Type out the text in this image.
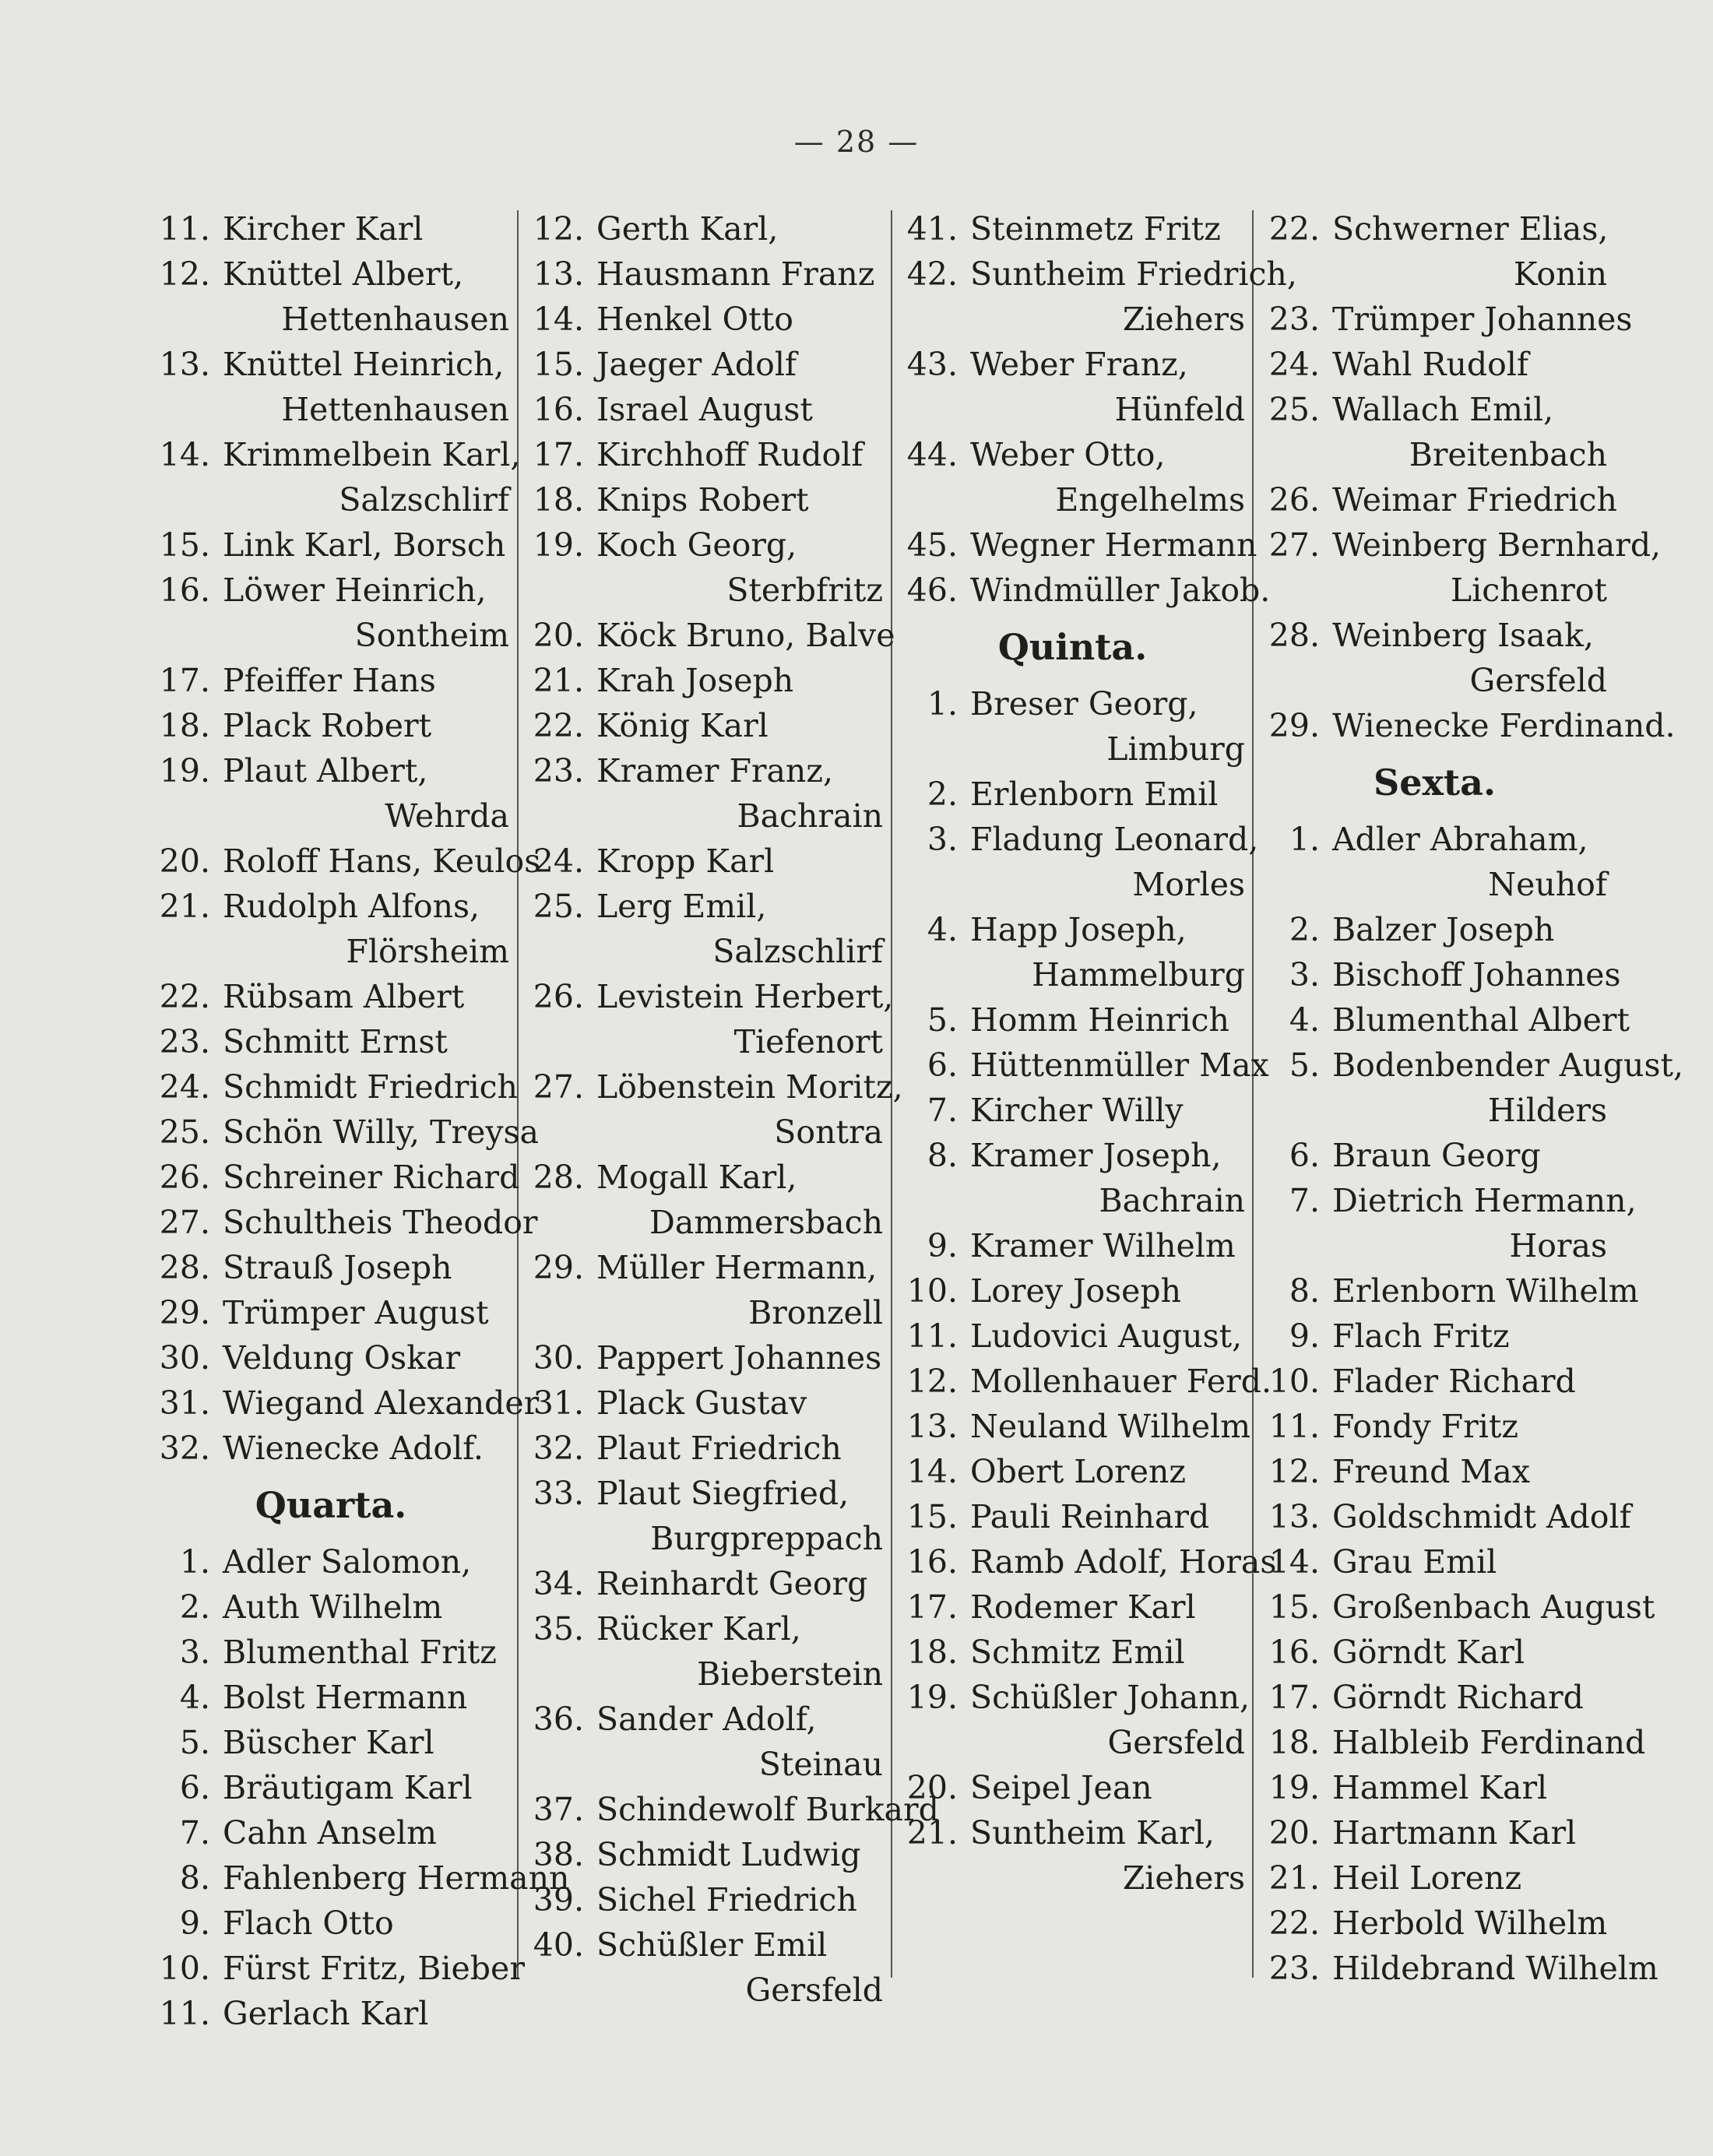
— 28 —
11. Kircher Karl
12. Knüttel Albert,
Hettenhausen
13. Knüttel Heinrich,
Hettenhausen
14. Krimmelbein Karl,
Salzschlirf
15. Link Karl, Borsch
16. Löwer Heinrich,
Sontheim
17. Pfeiffer Hans
18. Plack Robert
19. Plaut Albert,
Wehrda
20. Roloff Hans, Keulos
21. Rudolph Alfons,
Flörsheim
22. Rübsam Albert
23. Schmitt Ernst
24. Schmidt Friedrich
25. Schön Willy, Treysa
26. Schreiner Richard
27. Schultheis Theodor
28. Strauß Joseph
29. Trümper August
30. Veldung Oskar
31. Wiegand Alexander
32. Wienecke Adolf.
Quarta.
1. Adler Salomon,
2. Auth Wilhelm
3. Blumenthal Fritz
4. Bolst Hermann
5. Büscher Karl
6. Bräutigam Karl
7. Cahn Anselm
8. Fahlenberg Hermann
9. Flach Otto
10. Fürst Fritz, Bieber
11. Gerlach Karl
12. Gerth Karl,
13. Hausmann Franz
14. Henkel Otto
15. Jaeger Adolf
16. Israel August
17. Kirchhoff Rudolf
18. Knips Robert
19. Koch Georg,
Sterbfritz
20. Köck Bruno, Balve
21. Krah Joseph
22. König Karl
23. Kramer Franz,
Bachrain
24. Kropp Karl
25. Lerg Emil,
Salzschlirf
26. Levistein Herbert,
Tiefenort
27. Löbenstein Moritz,
Sontra
28. Mogall Karl,
Dammersbach
29. Müller Hermann,
Bronzell
30. Pappert Johannes
31. Plack Gustav
32. Plaut Friedrich
33. Plaut Siegfried,
Burgpreppach
34. Reinhardt Georg
35. Rücker Karl,
Bieberstein
36. Sander Adolf,
Steinau
37. Schindewolf Burkard
38. Schmidt Ludwig
39. Sichel Friedrich
40. Schüßler Emil
Gersfeld
41. Steinmetz Fritz
42. Suntheim Friedrich,
Ziehers
43. Weber Franz,
Hünfeld
44. Weber Otto,
Engelhelms
45. Wegner Hermann
46. Windmüller Jakob.
Quinta.
1. Breser Georg,
Limburg
2. Erlenborn Emil
3. Fladung Leonard,
Morles
4. Happ Joseph,
Hammelburg
5. Homm Heinrich
6. Hüttenmüller Max
7. Kircher Willy
8. Kramer Joseph,
Bachrain
9. Kramer Wilhelm
10. Lorey Joseph
11. Ludovici August,
12. Mollenhauer Ferd.
13. Neuland Wilhelm
14. Obert Lorenz
15. Pauli Reinhard
16. Ramb Adolf, Horas
17. Rodemer Karl
18. Schmitz Emil
19. Schüßler Johann,
Gersfeld
20. Seipel Jean
21. Suntheim Karl,
Ziehers
22. Schwerner Elias,
Konin
23. Trümper Johannes
24. Wahl Rudolf
25. Wallach Emil,
Breitenbach
26. Weimar Friedrich
27. Weinberg Bernhard,
Lichenrot
28. Weinberg Isaak,
Gersfeld
29. Wienecke Ferdinand.
Sexta.
1. Adler Abraham,
Neuhof
2. Balzer Joseph
3. Bischoff Johannes
4. Blumenthal Albert
5. Bodenbender August,
Hilders
6. Braun Georg
7. Dietrich Hermann,
Horas
8. Erlenborn Wilhelm
9. Flach Fritz
10. Flader Richard
11. Fondy Fritz
12. Freund Max
13. Goldschmidt Adolf
14. Grau Emil
15. Großenbach August
16. Görndt Karl
17. Görndt Richard
18. Halbleib Ferdinand
19. Hammel Karl
20. Hartmann Karl
21. Heil Lorenz
22. Herbold Wilhelm
23. Hildebrand Wilhelm
